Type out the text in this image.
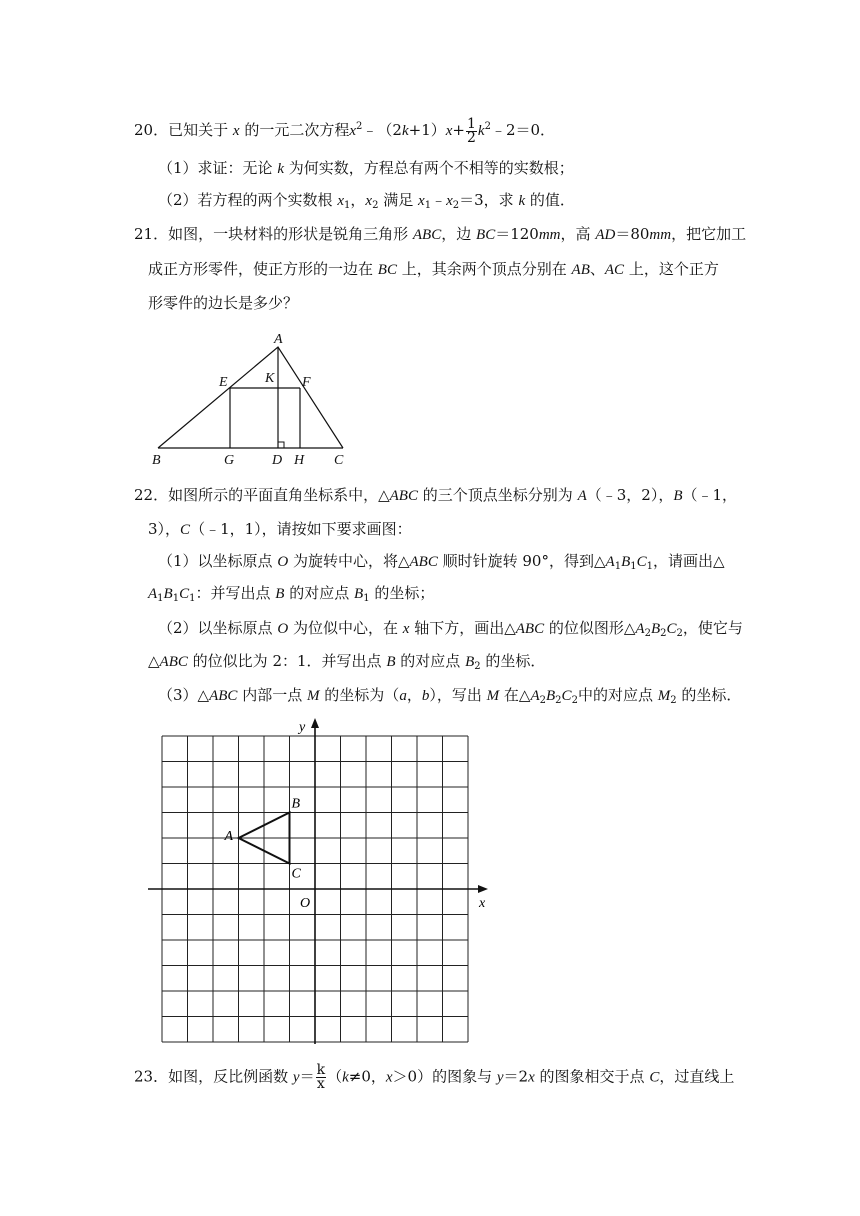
20．已知关于 x 的一元二次方程$x^2﹣(2k+1)x+ \frac{1}{2}$ $k^2﹣2=0$．
（1）求证：无论 k 为何实数，方程总有两个不相等的实数根；
（2）若方程的两个实数根 $x_1$，$x_2$ 满足 $x_1﹣x_2=3$，求 k 的值．
21．如图，一块材料的形状是锐角三角形 ABC，边 BC＝120mm，高 AD＝80mm，把它加工
成正方形零件，使正方形的一边在 BC 上，其余两个顶点分别在 AB、AC 上，这个正方
形零件的边长是多少？
A
B	C
D
E	F
G	H
K
22．如图所示的平面直角坐标系中，△ABC 的三个顶点坐标分别为 A（﹣3，2），B（﹣1，
3），C（﹣1，1），请按如下要求画图：
（1）以坐标原点 O 为旋转中心，将△ABC 顺时针旋转 90°，得到$\triangle A_1B_1C_1$，请画出△
$A_1B_1C_1$：并写出点 B 的对应点 $B_1$ 的坐标；
（2）以坐标原点 O 为位似中心，在 x 轴下方，画出△ABC 的位似图形$\triangle A_2B_2C_2$，使它与
△ABC 的位似比为 2：1．并写出点 B 的对应点 $B_2$ 的坐标．
（3）△ABC 内部一点 M 的坐标为（a，b），写出 M 在$\triangle A_2B_2C_2$中的对应点 $M_2$ 的坐标．
x
y
O
A
B
C
23．如图，反比例函数 $y= \frac{k}{x} (k\ne 0$，x＞0）的图象与 y＝2x 的图象相交于点 C，过直线上
